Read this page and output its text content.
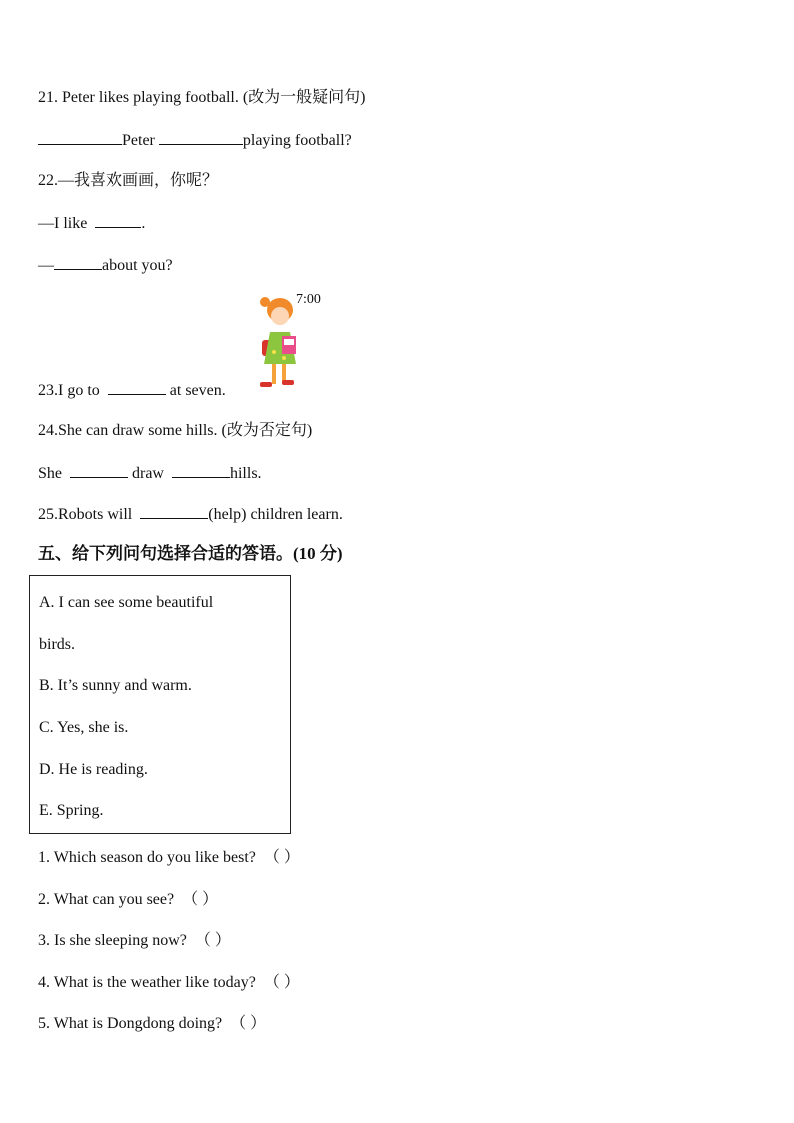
21. Peter likes playing football. (改为一般疑问句)
Peter	playing football?
22.—我喜欢画画，你呢？
—I like	.
—	about you?
7:00
23.I go to	at seven.
24.She can draw some hills. (改为否定句)
She	draw	hills.
25.Robots will	(help) children learn.
五、给下列问句选择合适的答语。(10 分)
A. I can see some beautiful
birds.
B. It’s sunny and warm.
C. Yes, she is.
D. He is reading.
E. Spring.
1. Which season do you like best? （ ）
2. What can you see? （ ）
3. Is she sleeping now? （ ）
4. What is the weather like today? （ ）
5. What is Dongdong doing? （ ）
